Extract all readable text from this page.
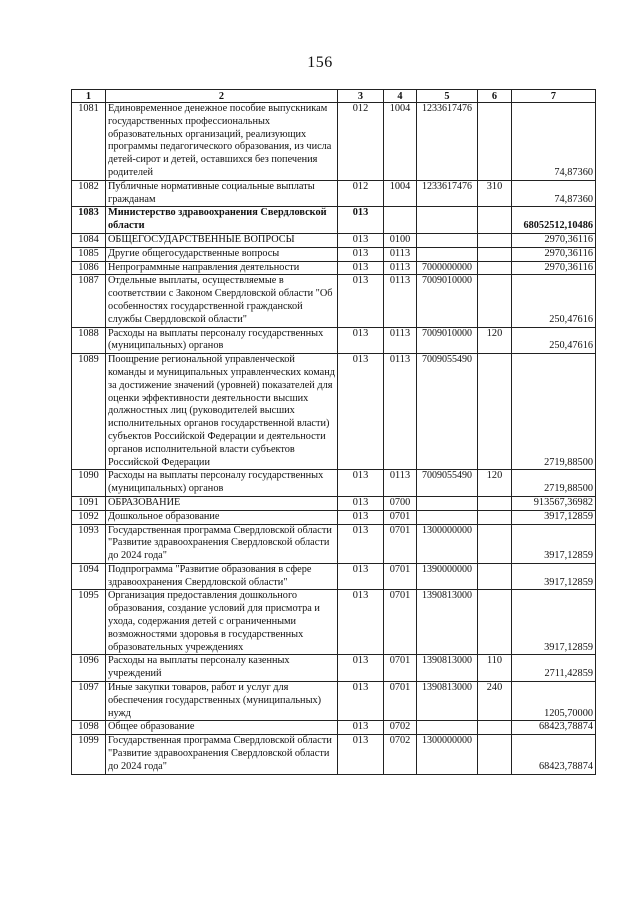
156
1	2	3	4	5	6	7
1081	Единовременное денежное пособие выпускникам государственных профессиональных образовательных организаций, реализующих программы педагогического образования, из числа детей-сирот и детей, оставшихся без попечения родителей	012	1004	1233617476		74,87360
1082	Публичные нормативные социальные выплаты гражданам	012	1004	1233617476	310	74,87360
1083	Министерство здравоохранения Свердловской области	013				68052512,10486
1084	ОБЩЕГОСУДАРСТВЕННЫЕ ВОПРОСЫ	013	0100			2970,36116
1085	Другие общегосударственные вопросы	013	0113			2970,36116
1086	Непрограммные направления деятельности	013	0113	7000000000		2970,36116
1087	Отдельные выплаты, осуществляемые в соответствии с Законом Свердловской области "Об особенностях государственной гражданской службы Свердловской области"	013	0113	7009010000		250,47616
1088	Расходы на выплаты персоналу государственных (муниципальных) органов	013	0113	7009010000	120	250,47616
1089	Поощрение региональной управленческой команды и муниципальных управленческих команд за достижение значений (уровней) показателей для оценки эффективности деятельности высших должностных лиц (руководителей высших исполнительных органов государственной власти) субъектов Российской Федерации и деятельности органов исполнительной власти субъектов Российской Федерации	013	0113	7009055490		2719,88500
1090	Расходы на выплаты персоналу государственных (муниципальных) органов	013	0113	7009055490	120	2719,88500
1091	ОБРАЗОВАНИЕ	013	0700			913567,36982
1092	Дошкольное образование	013	0701			3917,12859
1093	Государственная программа Свердловской области "Развитие здравоохранения Свердловской области до 2024 года"	013	0701	1300000000		3917,12859
1094	Подпрограмма "Развитие образования в сфере здравоохранения Свердловской области"	013	0701	1390000000		3917,12859
1095	Организация предоставления дошкольного образования, создание условий для присмотра и ухода, содержания детей с ограниченными возможностями здоровья в государственных образовательных учреждениях	013	0701	1390813000		3917,12859
1096	Расходы на выплаты персоналу казенных учреждений	013	0701	1390813000	110	2711,42859
1097	Иные закупки товаров, работ и услуг для обеспечения государственных (муниципальных) нужд	013	0701	1390813000	240	1205,70000
1098	Общее образование	013	0702			68423,78874
1099	Государственная программа Свердловской области "Развитие здравоохранения Свердловской области до 2024 года"	013	0702	1300000000		68423,78874
